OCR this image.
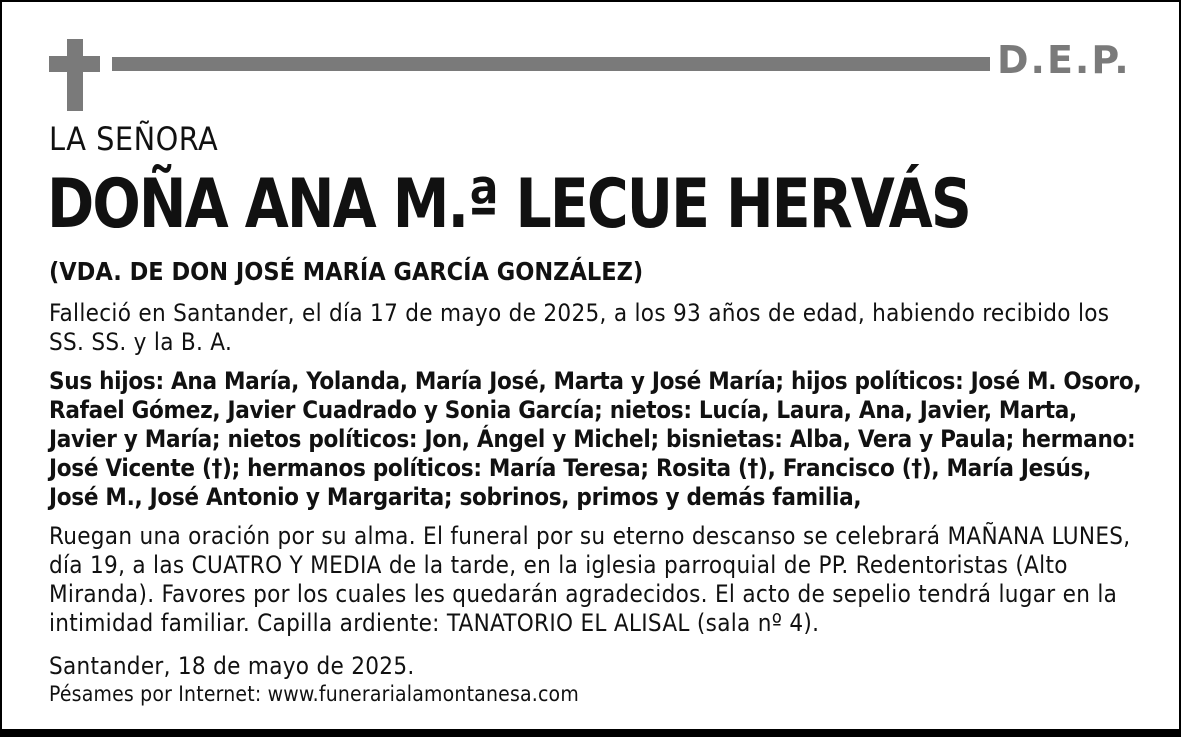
D.E.P.
LA SEÑORA
DOÑA ANA M.ª LECUE HERVÁS
(VDA. DE DON JOSÉ MARÍA GARCÍA GONZÁLEZ)
Falleció en Santander, el día 17 de mayo de 2025, a los 93 años de edad, habiendo recibido los SS. SS. y la B. A.
Sus hijos: Ana María, Yolanda, María José, Marta y José María; hijos políticos: José M. Osoro, Rafael Gómez, Javier Cuadrado y Sonia García; nietos: Lucía, Laura, Ana, Javier, Marta, Javier y María; nietos políticos: Jon, Ángel y Michel; bisnietas: Alba, Vera y Paula; hermano: José Vicente (†); hermanos políticos: María Teresa; Rosita (†), Francisco (†), María Jesús, José M., José Antonio y Margarita; sobrinos, primos y demás familia,
Ruegan una oración por su alma. El funeral por su eterno descanso se celebrará MAÑANA LUNES, día 19, a las CUATRO Y MEDIA de la tarde, en la iglesia parroquial de PP. Redentoristas (Alto Miranda). Favores por los cuales les quedarán agradecidos. El acto de sepelio tendrá lugar en la intimidad familiar. Capilla ardiente: TANATORIO EL ALISAL (sala nº 4).
Santander, 18 de mayo de 2025.
Pésames por Internet: www.funerarialamontanesa.com
